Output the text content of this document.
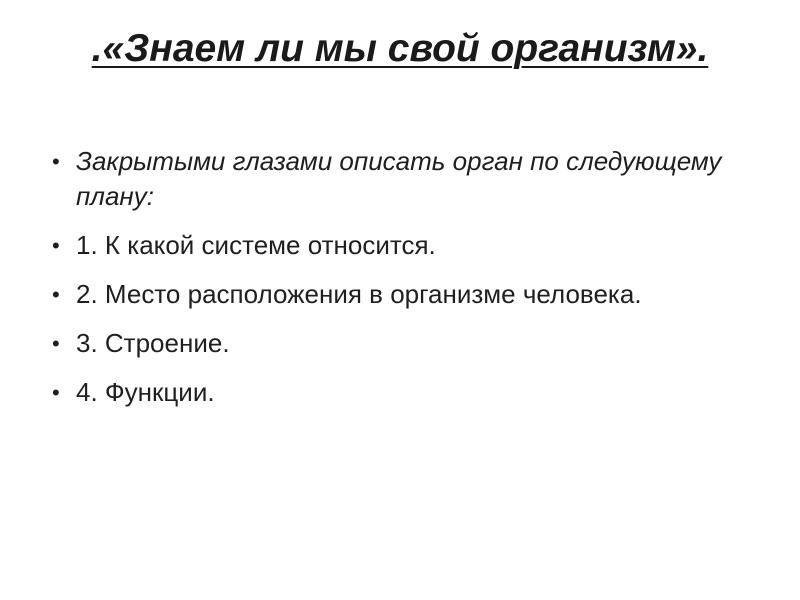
.«Знаем ли мы свой организм».
• Закрытыми глазами описать орган по следующему плану:
• 1. К какой системе относится.
• 2. Место расположения в организме человека.
• 3. Строение.
• 4. Функции.
